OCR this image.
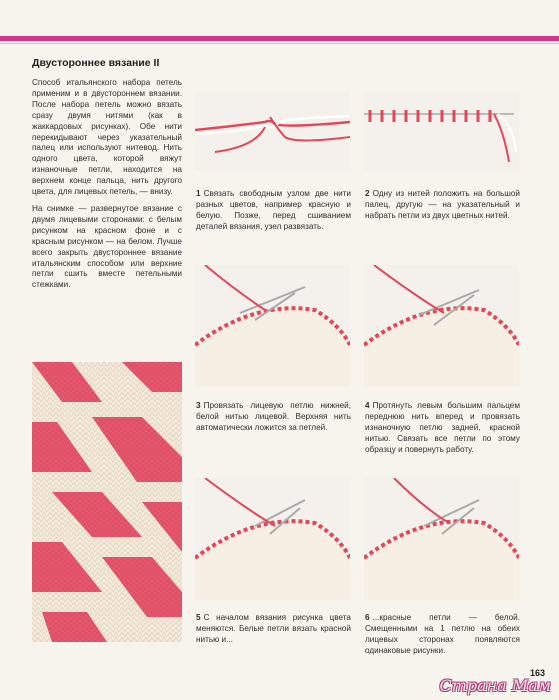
Двустороннее вязание II

Способ итальянского набора петель применим и в двустороннем вязании. После набора петель можно вязать сразу двумя нитями (как в жаккардовых рисунках). Обе нити перекидывают через указательный палец или используют нитевод. Нить одного цвета, которой вяжут изнаночные петли, находится на верхнем конце пальца, нить другого цвета, для лицевых петель, — внизу.

На снимке — развернутое вязание с двумя лицевыми сторонами: с белым рисунком на красном фоне и с красным рисунком — на белом. Лучше всего закрыть двустороннее вязание итальянским способом или верхние петли сшить вместе петельными стежками.

1 Связать свободным узлом две нити разных цветов, например красную и белую. Позже, перед сшиванием деталей вязания, узел развязать.
2 Одну из нитей положить на большой палец, другую — на указательный и набрать петли из двух цветных нитей.
3 Провязать лицевую петлю нижней, белой нитью лицевой. Верхняя нить автоматически ложится за петлей.
4 Протянуть левым большим пальцем переднюю нить вперед и провязать изнаночную петлю задней, красной нитью. Связать все петли по этому образцу и повернуть работу.
5 С началом вязания рисунка цвета меняются. Белые петли вязать красной нитью и...
6 ...красные петли — белой. Смещенными на 1 петлю на обеих лицевых сторонах появляются одинаковые рисунки.
163
Страна Мам
